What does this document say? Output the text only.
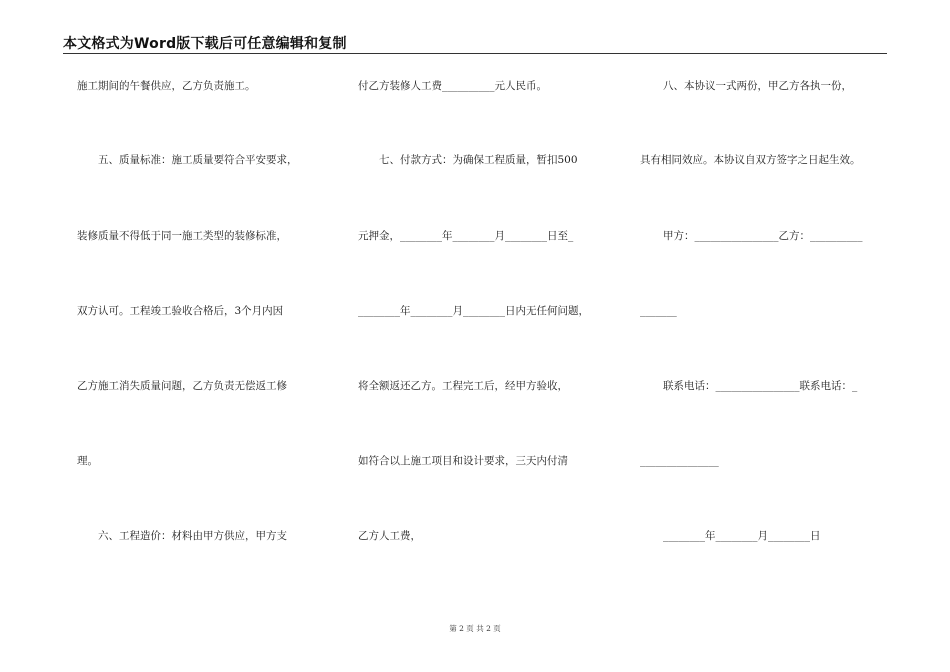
本文格式为Word版下载后可任意编辑和复制
施工期间的午餐供应，乙方负责施工。
五、质量标准：施工质量要符合平安要求，
装修质量不得低于同一施工类型的装修标准，
双方认可。工程竣工验收合格后，3个月内因
乙方施工消失质量问题，乙方负责无偿返工修
理。
六、工程造价：材料由甲方供应，甲方支
付乙方装修人工费__________元人民币。
七、付款方式：为确保工程质量，暂扣500
元押金，________年________月________日至_
________年________月________日内无任何问题，
将全额返还乙方。工程完工后，经甲方验收，
如符合以上施工项目和设计要求，三天内付清
乙方人工费，
八、本协议一式两份，甲乙方各执一份，
具有相同效应。本协议自双方签字之日起生效。
甲方：________________乙方：__________
_______
联系电话：________________联系电话：_
_______________
________年________月________日
第 2 页 共 2 页
